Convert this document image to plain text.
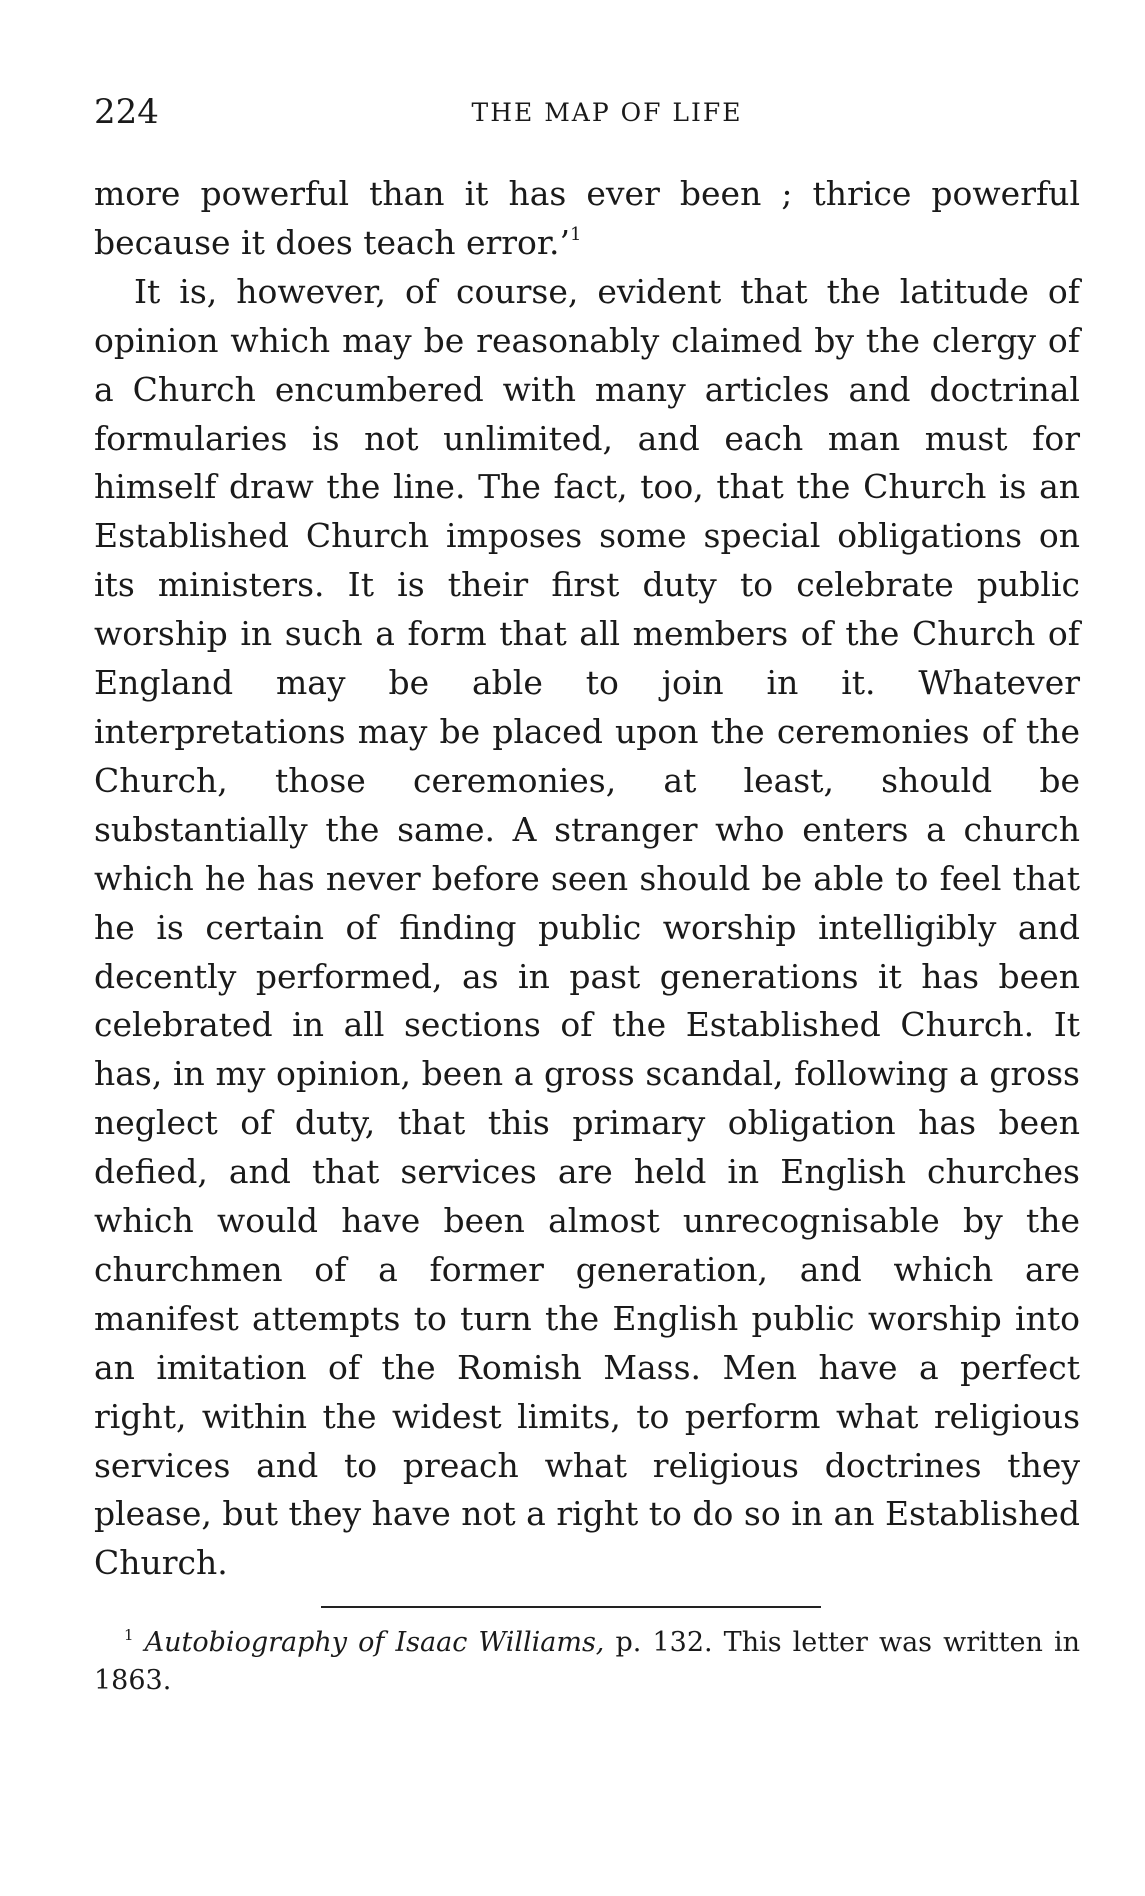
224	THE MAP OF LIFE

more powerful than it has ever been ; thrice powerful because it does teach error.’$^1$

It is, however, of course, evident that the latitude of opinion which may be reasonably claimed by the clergy of a Church encumbered with many articles and doctrinal formularies is not unlimited, and each man must for himself draw the line. The fact, too, that the Church is an Established Church imposes some special obligations on its ministers. It is their first duty to celebrate public worship in such a form that all members of the Church of England may be able to join in it. Whatever interpretations may be placed upon the ceremonies of the Church, those ceremonies, at least, should be substantially the same. A stranger who enters a church which he has never before seen should be able to feel that he is certain of finding public worship intelligibly and decently performed, as in past generations it has been celebrated in all sections of the Established Church. It has, in my opinion, been a gross scandal, following a gross neglect of duty, that this primary obligation has been defied, and that services are held in English churches which would have been almost unrecognisable by the churchmen of a former generation, and which are manifest attempts to turn the English public worship into an imitation of the Romish Mass. Men have a perfect right, within the widest limits, to perform what religious services and to preach what religious doctrines they please, but they have not a right to do so in an Established Church.

$^1$ Autobiography of Isaac Williams, p. 132. This letter was written in 1863.
